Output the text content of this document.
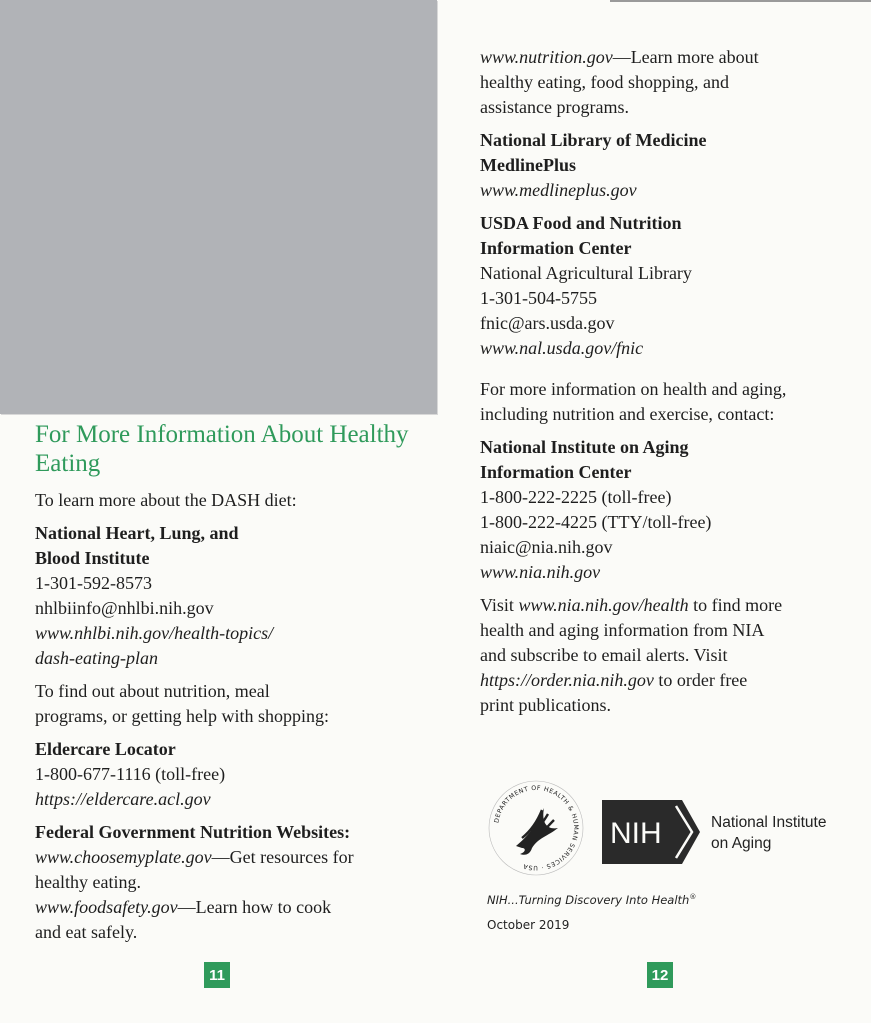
For More Information About Healthy Eating
To learn more about the DASH diet:
National Heart, Lung, and
Blood Institute
1-301-592-8573
nhlbiinfo@nhlbi.nih.gov
www.nhlbi.nih.gov/health-topics/
dash-eating-plan
To find out about nutrition, meal
programs, or getting help with shopping:
Eldercare Locator
1-800-677-1116 (toll-free)
https://eldercare.acl.gov
Federal Government Nutrition Websites:
www.choosemyplate.gov—Get resources for
healthy eating.
www.foodsafety.gov—Learn how to cook
and eat safely.
11
www.nutrition.gov—Learn more about
healthy eating, food shopping, and
assistance programs.
National Library of Medicine
MedlinePlus
www.medlineplus.gov
USDA Food and Nutrition
Information Center
National Agricultural Library
1-301-504-5755
fnic@ars.usda.gov
www.nal.usda.gov/fnic
For more information on health and aging,
including nutrition and exercise, contact:
National Institute on Aging
Information Center
1-800-222-2225 (toll-free)
1-800-222-4225 (TTY/toll-free)
niaic@nia.nih.gov
www.nia.nih.gov
Visit www.nia.nih.gov/health to find more
health and aging information from NIA
and subscribe to email alerts. Visit
https://order.nia.nih.gov to order free
print publications.
DEPARTMENT OF HEALTH & HUMAN SERVICES · USA
NIH	National Institute
on Aging
NIH...Turning Discovery Into Health®
October 2019
12
